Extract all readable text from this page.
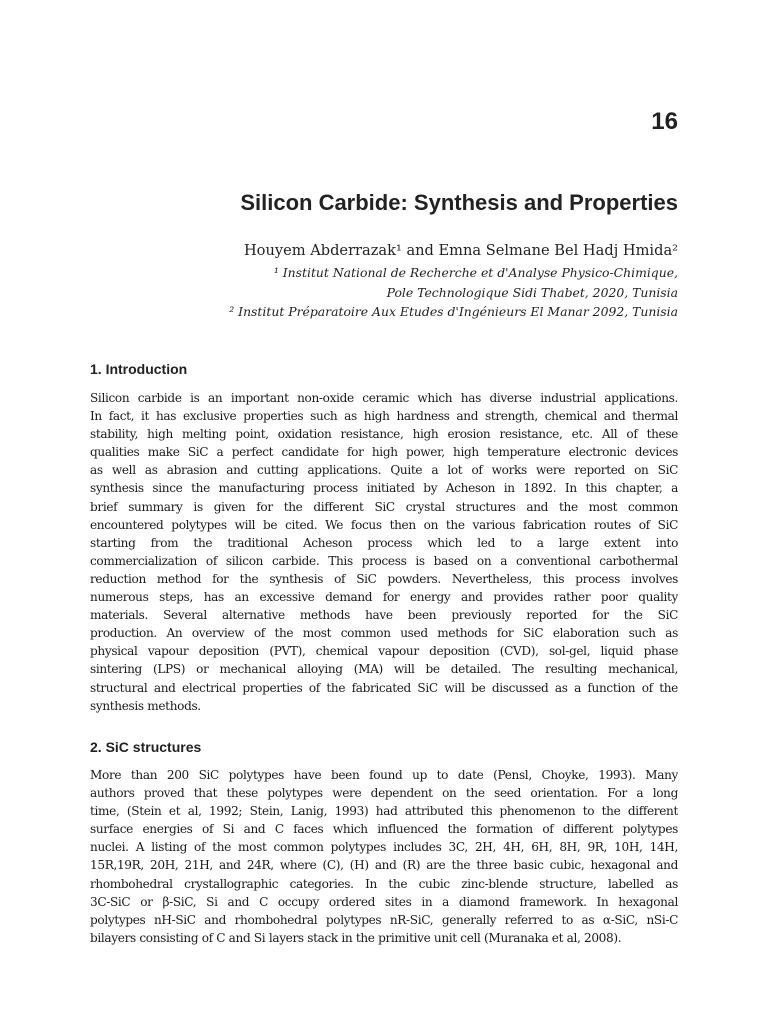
16
Silicon Carbide: Synthesis and Properties
Houyem Abderrazak¹ and Emna Selmane Bel Hadj Hmida²
¹ Institut National de Recherche et d'Analyse Physico-Chimique,
Pole Technologique Sidi Thabet, 2020, Tunisia
² Institut Préparatoire Aux Etudes d'Ingénieurs El Manar 2092, Tunisia
1. Introduction
Silicon carbide is an important non-oxide ceramic which has diverse industrial applications.
In fact, it has exclusive properties such as high hardness and strength, chemical and thermal
stability, high melting point, oxidation resistance, high erosion resistance, etc. All of these
qualities make SiC a perfect candidate for high power, high temperature electronic devices
as well as abrasion and cutting applications. Quite a lot of works were reported on SiC
synthesis since the manufacturing process initiated by Acheson in 1892. In this chapter, a
brief summary is given for the different SiC crystal structures and the most common
encountered polytypes will be cited. We focus then on the various fabrication routes of SiC
starting from the traditional Acheson process which led to a large extent into
commercialization of silicon carbide. This process is based on a conventional carbothermal
reduction method for the synthesis of SiC powders. Nevertheless, this process involves
numerous steps, has an excessive demand for energy and provides rather poor quality
materials. Several alternative methods have been previously reported for the SiC
production. An overview of the most common used methods for SiC elaboration such as
physical vapour deposition (PVT), chemical vapour deposition (CVD), sol-gel, liquid phase
sintering (LPS) or mechanical alloying (MA) will be detailed. The resulting mechanical,
structural and electrical properties of the fabricated SiC will be discussed as a function of the
synthesis methods.
2. SiC structures
More than 200 SiC polytypes have been found up to date (Pensl, Choyke, 1993). Many
authors proved that these polytypes were dependent on the seed orientation. For a long
time, (Stein et al, 1992; Stein, Lanig, 1993) had attributed this phenomenon to the different
surface energies of Si and C faces which influenced the formation of different polytypes
nuclei. A listing of the most common polytypes includes 3C, 2H, 4H, 6H, 8H, 9R, 10H, 14H,
15R,19R, 20H, 21H, and 24R, where (C), (H) and (R) are the three basic cubic, hexagonal and
rhombohedral crystallographic categories. In the cubic zinc-blende structure, labelled as
3C-SiC or β-SiC, Si and C occupy ordered sites in a diamond framework. In hexagonal
polytypes nH-SiC and rhombohedral polytypes nR-SiC, generally referred to as α-SiC, nSi-C
bilayers consisting of C and Si layers stack in the primitive unit cell (Muranaka et al, 2008).
